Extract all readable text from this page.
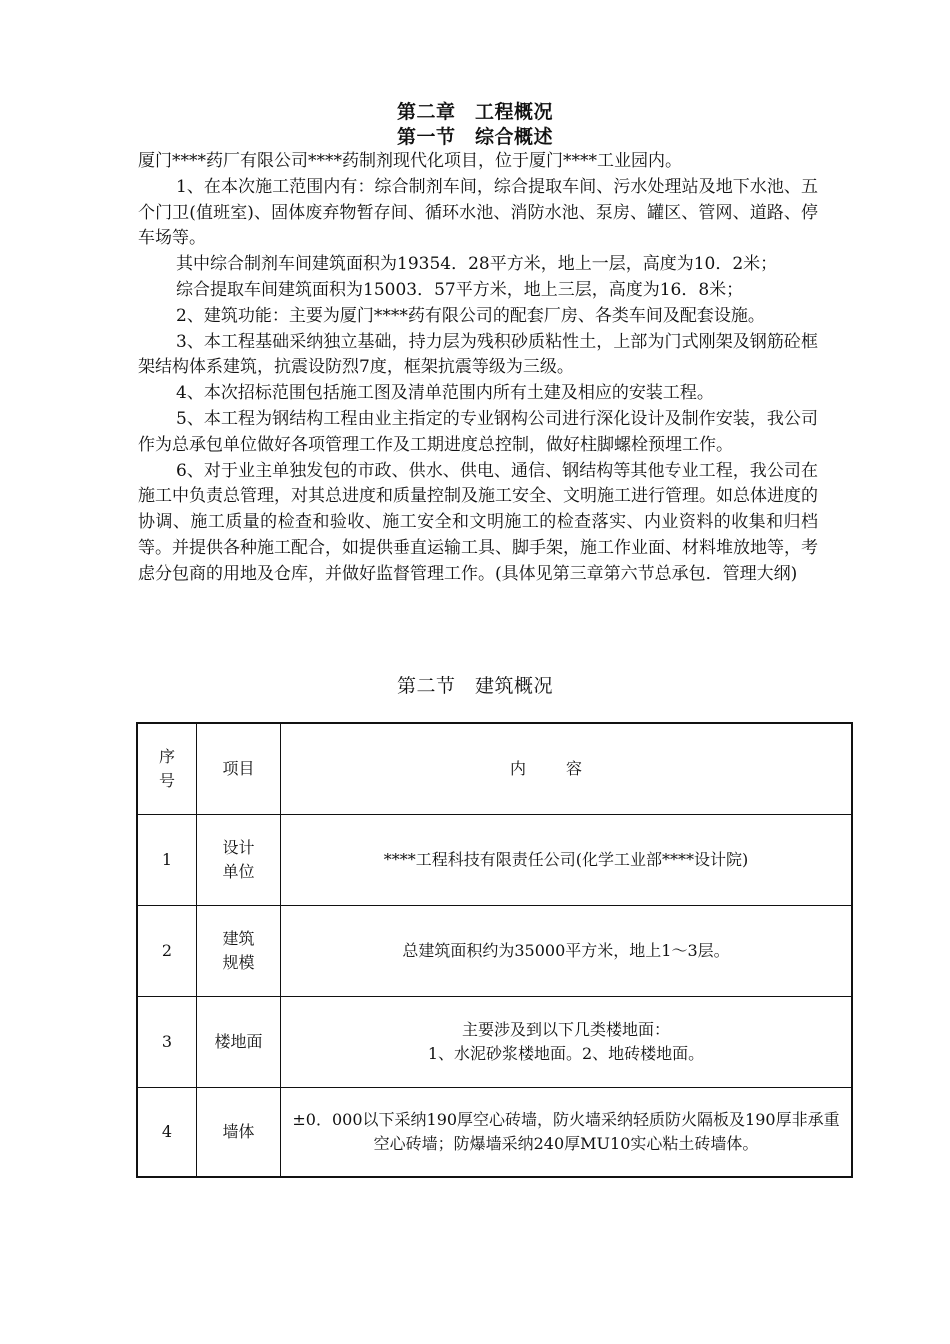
第二章　工程概况
第一节　综合概述

厦门****药厂有限公司****药制剂现代化项目，位于厦门****工业园内。

1、在本次施工范围内有：综合制剂车间，综合提取车间、污水处理站及地下水池、五个门卫(值班室)、固体废弃物暂存间、循环水池、消防水池、泵房、罐区、管网、道路、停车场等。

其中综合制剂车间建筑面积为19354．28平方米，地上一层，高度为10．2米；

综合提取车间建筑面积为15003．57平方米，地上三层，高度为16．8米；

2、建筑功能：主要为厦门****药有限公司的配套厂房、各类车间及配套设施。

3、本工程基础采纳独立基础，持力层为残积砂质粘性土，上部为门式刚架及钢筋砼框架结构体系建筑，抗震设防烈7度，框架抗震等级为三级。

4、本次招标范围包括施工图及清单范围内所有土建及相应的安装工程。

5、本工程为钢结构工程由业主指定的专业钢构公司进行深化设计及制作安装，我公司作为总承包单位做好各项管理工作及工期进度总控制，做好柱脚螺栓预埋工作。

6、对于业主单独发包的市政、供水、供电、通信、钢结构等其他专业工程，我公司在施工中负责总管理，对其总进度和质量控制及施工安全、文明施工进行管理。如总体进度的协调、施工质量的检查和验收、施工安全和文明施工的检查落实、内业资料的收集和归档等。并提供各种施工配合，如提供垂直运输工具、脚手架，施工作业面、材料堆放地等，考虑分包商的用地及仓库，并做好监督管理工作。(具体见第三章第六节总承包．管理大纲)

第二节　建筑概况
序号	项目	内容
1	设计单位	****工程科技有限责任公司(化学工业部****设计院)
2	建筑规模	总建筑面积约为35000平方米，地上1～3层。
3	楼地面	主要涉及到以下几类楼地面：
1、水泥砂浆楼地面。2、地砖楼地面。

4	墙体	±0．000以下采纳190厚空心砖墙，防火墙采纳轻质防火隔板及190厚非承重空心砖墙；防爆墙采纳240厚MU10实心粘土砖墙体。
